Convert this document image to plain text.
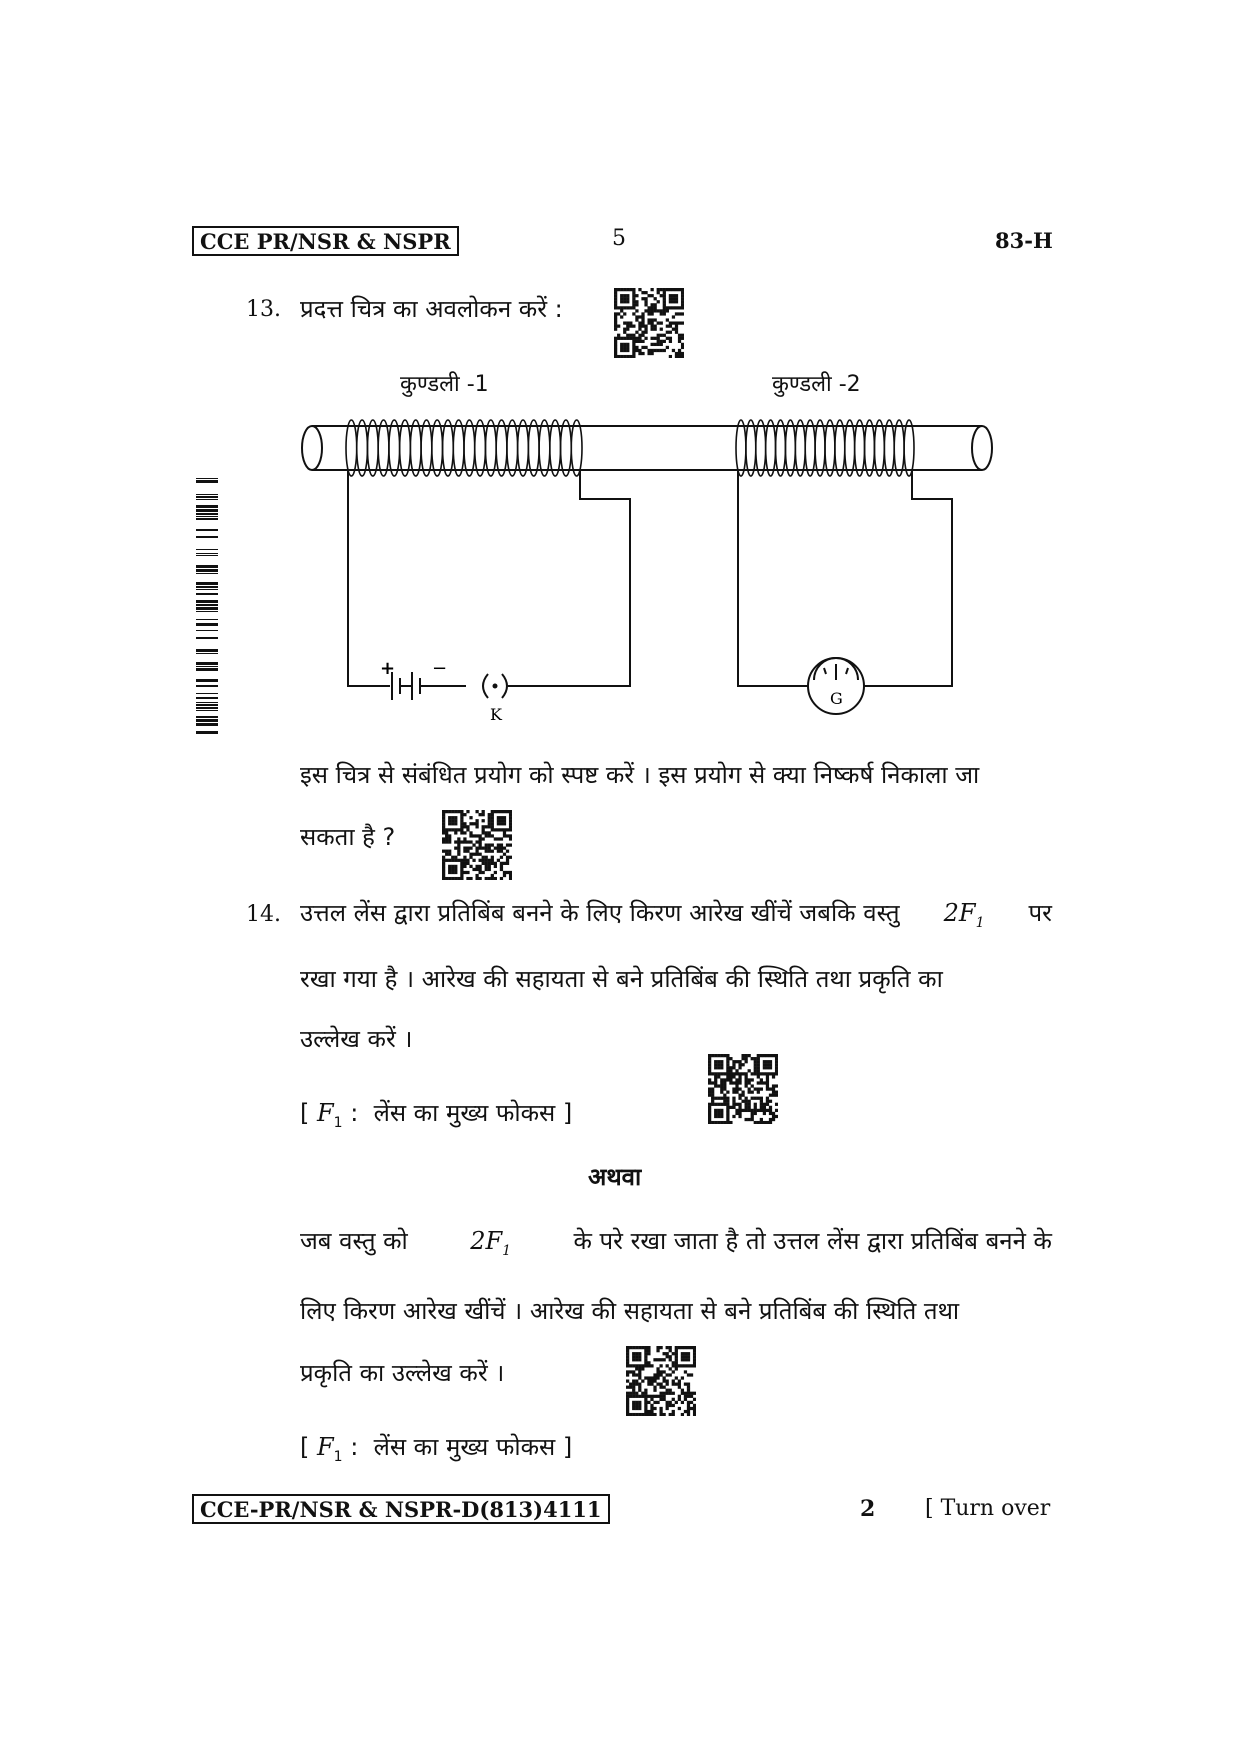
CCE PR/NSR & NSPR	5	83-H
13. प्रदत्त चित्र का अवलोकन करें :
+ −
K
G
कुण्डली -1	कुण्डली -2
इस चित्र से संबंधित प्रयोग को स्पष्ट करें । इस प्रयोग से क्या निष्कर्ष निकाला जा
सकता है ?
14. उत्तल लेंस द्वारा प्रतिबिंब बनने के लिए किरण आरेख खींचें जबकि वस्तु $2F_1$ पर
रखा गया है । आरेख की सहायता से बने प्रतिबिंब की स्थिति तथा प्रकृति का
उल्लेख करें ।
[ $F_1$ :  लेंस का मुख्य फोकस ]
अथवा
जब वस्तु को	$2F_1$	के परे रखा जाता है तो उत्तल लेंस द्वारा प्रतिबिंब बनने के
लिए किरण आरेख खींचें । आरेख की सहायता से बने प्रतिबिंब की स्थिति तथा
प्रकृति का उल्लेख करें ।
[ $F_1$ :  लेंस का मुख्य फोकस ]
CCE-PR/NSR & NSPR-D(813)4111	2 [ Turn over
